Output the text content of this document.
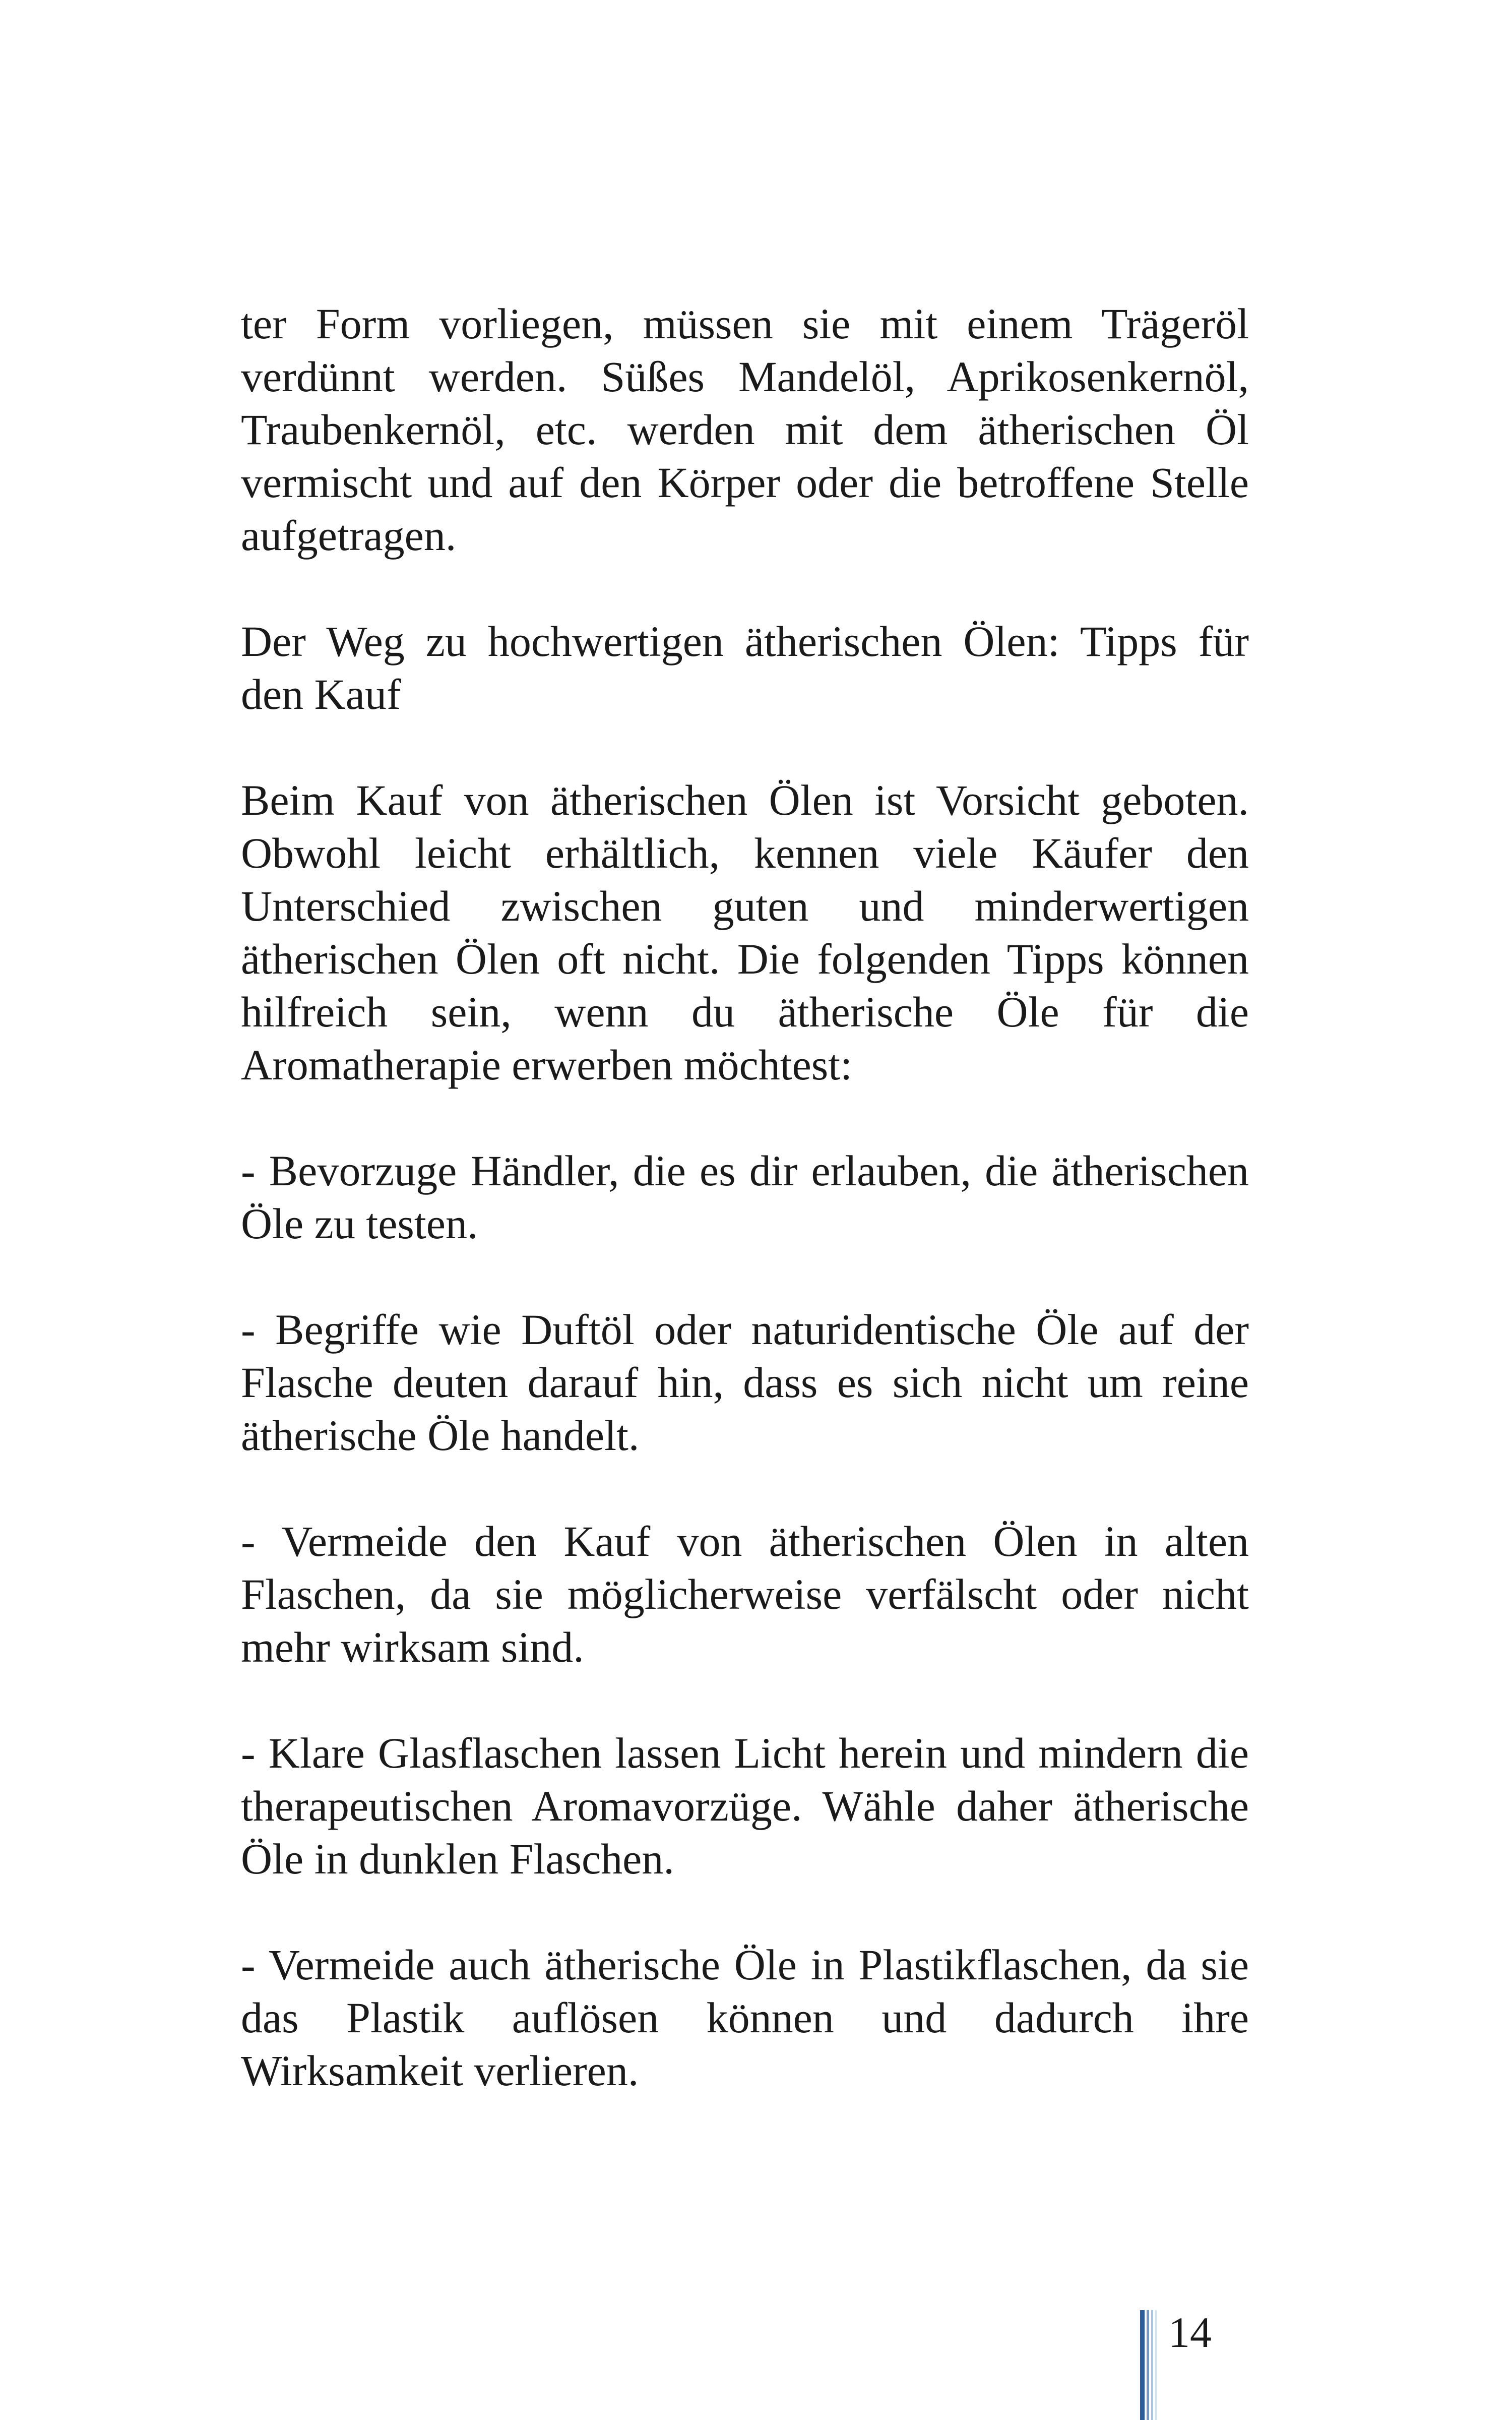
ter Form vorliegen, müssen sie mit einem Trägeröl verdünnt werden. Süßes Mandelöl, Aprikosenkernöl, Traubenkernöl, etc. werden mit dem ätherischen Öl vermischt und auf den Körper oder die betroffene Stelle aufgetragen.

Der Weg zu hochwertigen ätherischen Ölen: Tipps für den Kauf

Beim Kauf von ätherischen Ölen ist Vorsicht geboten. Obwohl leicht erhältlich, kennen viele Käufer den Unterschied zwischen guten und minderwertigen ätherischen Ölen oft nicht. Die folgenden Tipps können hilfreich sein, wenn du ätherische Öle für die Aromatherapie erwerben möchtest:

- Bevorzuge Händler, die es dir erlauben, die ätherischen Öle zu testen.

- Begriffe wie Duftöl oder naturidentische Öle auf der Flasche deuten darauf hin, dass es sich nicht um reine ätherische Öle handelt.

- Vermeide den Kauf von ätherischen Ölen in alten Flaschen, da sie möglicherweise verfälscht oder nicht mehr wirksam sind.

- Klare Glasflaschen lassen Licht herein und mindern die therapeutischen Aromavorzüge. Wähle daher ätherische Öle in dunklen Flaschen.

- Vermeide auch ätherische Öle in Plastikflaschen, da sie das Plastik auflösen können und dadurch ihre Wirksamkeit verlieren.

14
